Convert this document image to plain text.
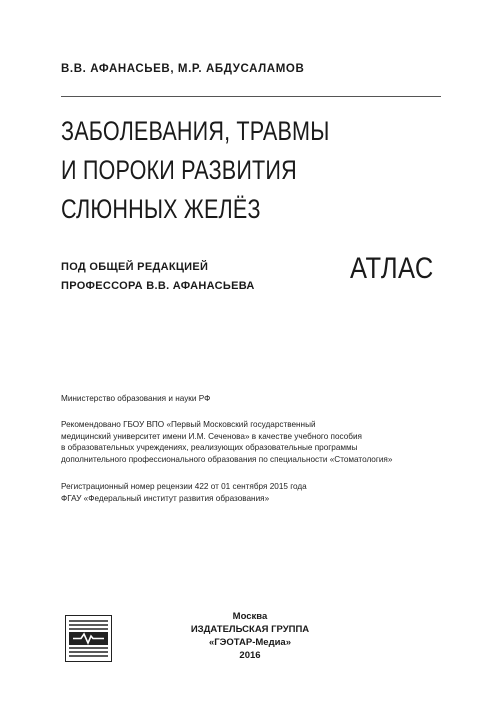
В.В. АФАНАСЬЕВ, М.Р. АБДУСАЛАМОВ
ЗАБОЛЕВАНИЯ, ТРАВМЫ
И ПОРОКИ РАЗВИТИЯ
СЛЮННЫХ ЖЕЛЁЗ
ПОД ОБЩЕЙ РЕДАКЦИЕЙ
ПРОФЕССОРА В.В. АФАНАСЬЕВА
АТЛАС
Министерство образования и науки РФ
Рекомендовано ГБОУ ВПО «Первый Московский государственный
медицинский университет имени И.М. Сеченова» в качестве учебного пособия
в образовательных учреждениях, реализующих образовательные программы
дополнительного профессионального образования по специальности «Стоматология»
Регистрационный номер рецензии 422 от 01 сентября 2015 года
ФГАУ «Федеральный институт развития образования»
Москва
ИЗДАТЕЛЬСКАЯ ГРУППА
«ГЭОТАР-Медиа»
2016
